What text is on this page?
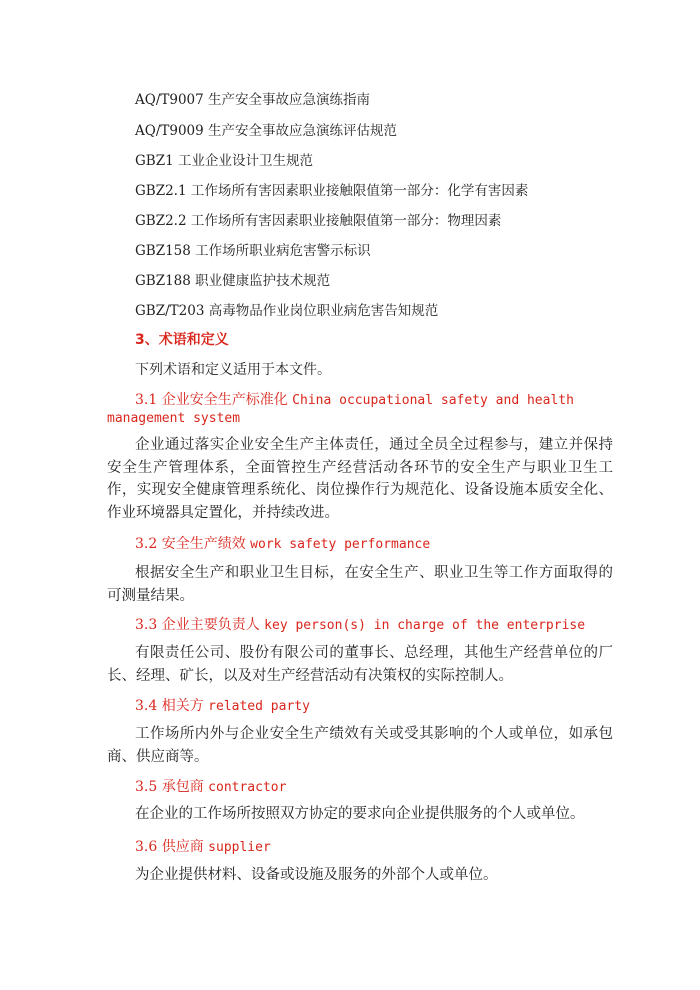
AQ/T9007 生产安全事故应急演练指南
AQ/T9009 生产安全事故应急演练评估规范
GBZ1 工业企业设计卫生规范
GBZ2.1 工作场所有害因素职业接触限值第一部分：化学有害因素
GBZ2.2 工作场所有害因素职业接触限值第一部分：物理因素
GBZ158 工作场所职业病危害警示标识
GBZ188 职业健康监护技术规范
GBZ/T203 高毒物品作业岗位职业病危害告知规范
3、术语和定义
下列术语和定义适用于本文件。
3.1 企业安全生产标准化 China occupational safety and health
management system
企业通过落实企业安全生产主体责任，通过全员全过程参与，建立并保持安全生产管理体系，全面管控生产经营活动各环节的安全生产与职业卫生工作，实现安全健康管理系统化、岗位操作行为规范化、设备设施本质安全化、作业环境器具定置化，并持续改进。
3.2 安全生产绩效 work safety performance
根据安全生产和职业卫生目标，在安全生产、职业卫生等工作方面取得的可测量结果。
3.3 企业主要负责人 key person(s) in charge of the enterprise
有限责任公司、股份有限公司的董事长、总经理，其他生产经营单位的厂长、经理、矿长，以及对生产经营活动有决策权的实际控制人。
3.4 相关方 related party
工作场所内外与企业安全生产绩效有关或受其影响的个人或单位，如承包商、供应商等。
3.5 承包商 contractor
在企业的工作场所按照双方协定的要求向企业提供服务的个人或单位。
3.6 供应商 supplier
为企业提供材料、设备或设施及服务的外部个人或单位。
